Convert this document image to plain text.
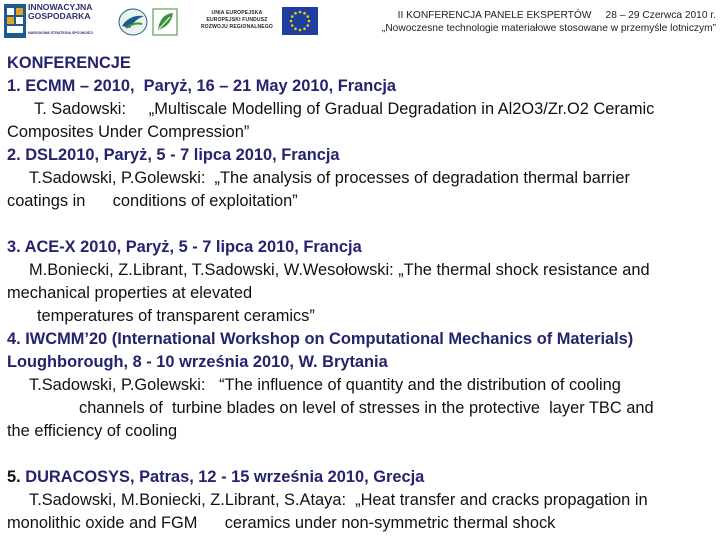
INNOWACYJNA
GOSPODARKA
NARODOWA STRATEGIA SPÓJNOŚCI
UNIA EUROPEJSKA
EUROPEJSKI FUNDUSZ
ROZWOJU REGIONALNEGO
II KONFERENCJA PANELE EKSPERTÓW     28 – 29 Czerwca 2010 r.
„Nowoczesne technologie materiałowe stosowane w przemyśle lotniczym”

KONFERENCJE

1. ECMM – 2010,  Paryż, 16 – 21 May 2010, Francja

T. Sadowski:     „Multiscale Modelling of Gradual Degradation in Al2O3/Zr.O2 Ceramic

Composites Under Compression”

2. DSL2010, Paryż, 5 - 7 lipca 2010, Francja

T.Sadowski, P.Golewski:  „The analysis of processes of degradation thermal barrier

coatings in      conditions of exploitation”

3. ACE-X 2010, Paryż, 5 - 7 lipca 2010, Francja

M.Boniecki, Z.Librant, T.Sadowski, W.Wesołowski: „The thermal shock resistance and

mechanical properties at elevated

temperatures of transparent ceramics”

4. IWCMM’20 (International Workshop on Computational Mechanics of Materials)

Loughborough, 8 - 10 września 2010, W. Brytania

T.Sadowski, P.Golewski:   “The influence of quantity and the distribution of cooling

channels of  turbine blades on level of stresses in the protective  layer TBC and

the efficiency of cooling

5. DURACOSYS, Patras, 12 - 15 września 2010, Grecja

T.Sadowski, M.Boniecki, Z.Librant, S.Ataya:  „Heat transfer and cracks propagation in

monolithic oxide and FGM      ceramics under non-symmetric thermal shock
